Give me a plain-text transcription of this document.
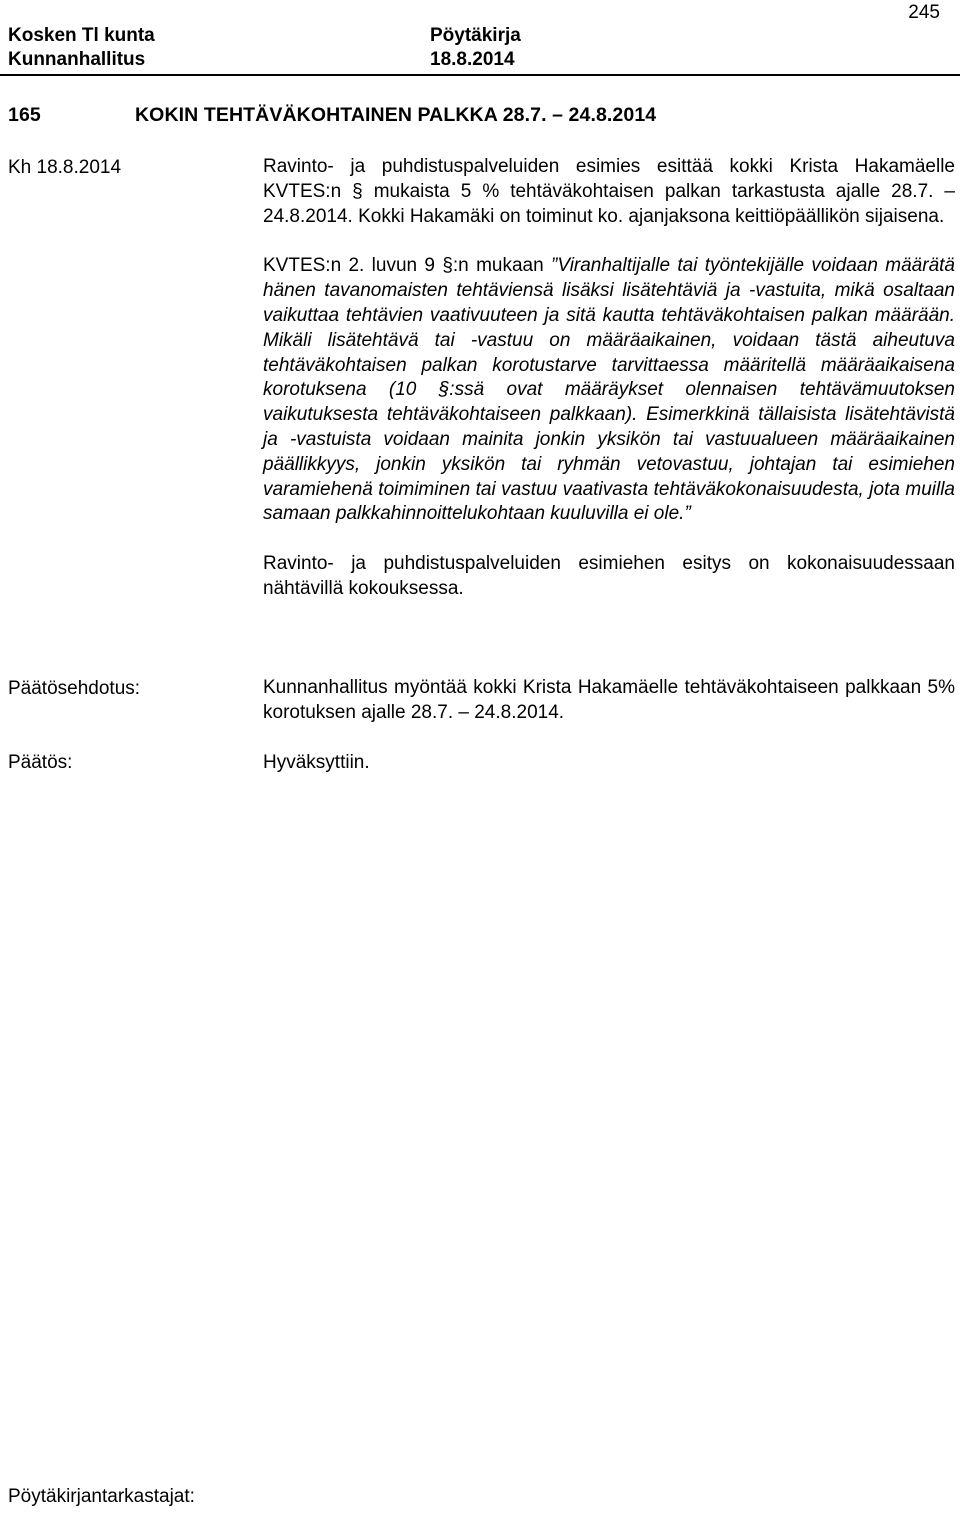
245
Kosken Tl kunta
Kunnanhallitus
Pöytäkirja
18.8.2014
165	KOKIN TEHTÄVÄKOHTAINEN PALKKA 28.7. – 24.8.2014
Kh 18.8.2014	Ravinto- ja puhdistuspalveluiden esimies esittää kokki Krista Hakamäelle KVTES:n § mukaista 5 % tehtäväkohtaisen palkan tarkastusta ajalle 28.7. – 24.8.2014. Kokki Hakamäki on toiminut ko. ajanjaksona keittiöpäällikön sijaisena.

KVTES:n 2. luvun 9 §:n mukaan ”Viranhaltijalle tai työntekijälle voidaan määrätä hänen tavanomaisten tehtäviensä lisäksi lisätehtäviä ja -vastuita, mikä osaltaan vaikuttaa tehtävien vaativuuteen ja sitä kautta tehtäväkohtaisen palkan määrään. Mikäli lisätehtävä tai -vastuu on määräaikainen, voidaan tästä aiheutuva tehtäväkohtaisen palkan korotustarve tarvittaessa määritellä määräaikaisena korotuksena (10 §:ssä ovat määräykset olennaisen tehtävämuutoksen vaikutuksesta tehtäväkohtaiseen palkkaan). Esimerkkinä tällaisista lisätehtävistä ja -vastuista voidaan mainita jonkin yksikön tai vastuualueen määräaikainen päällikkyys, jonkin yksikön tai ryhmän vetovastuu, johtajan tai esimiehen varamiehenä toimiminen tai vastuu vaativasta tehtäväkokonaisuudesta, jota muilla samaan palkkahinnoittelukohtaan kuuluvilla ei ole.”

Ravinto- ja puhdistuspalveluiden esimiehen esitys on kokonaisuudessaan nähtävillä kokouksessa.

Päätösehdotus:	Kunnanhallitus myöntää kokki Krista Hakamäelle tehtäväkohtaiseen palkkaan 5% korotuksen ajalle 28.7. – 24.8.2014.
Päätös:	Hyväksyttiin.
Pöytäkirjantarkastajat:
